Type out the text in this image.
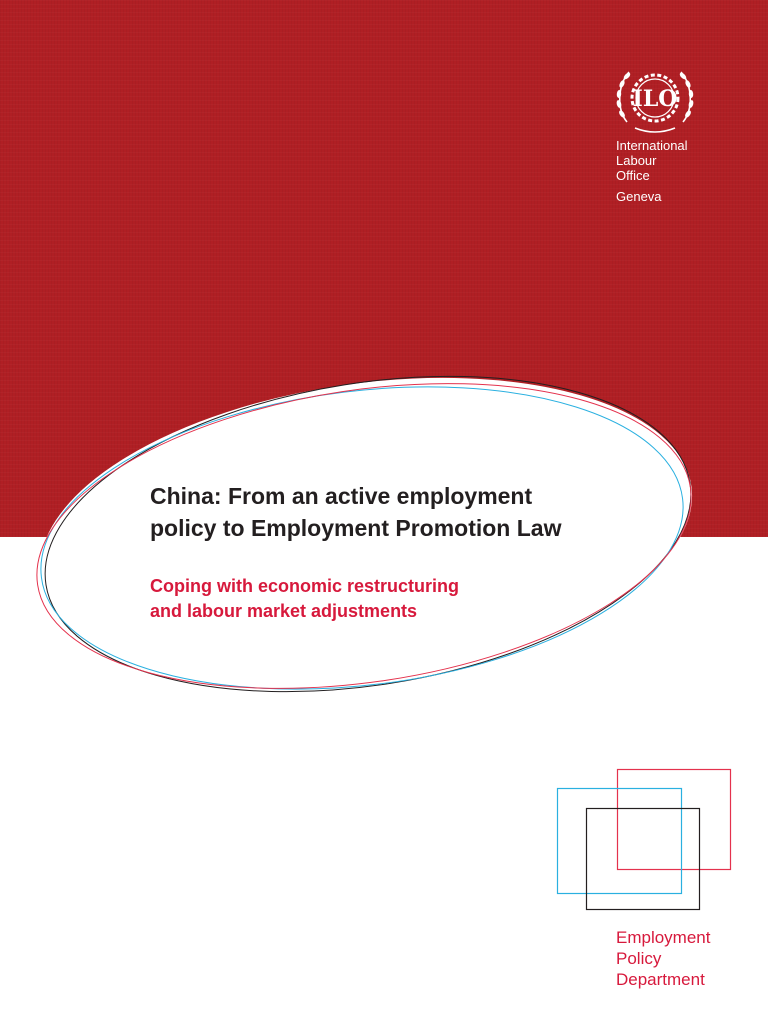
ILO
International
Labour
Office
Geneva
China: From an active employment
policy to Employment Promotion Law
Coping with economic restructuring
and labour market adjustments
Employment
Policy
Department
